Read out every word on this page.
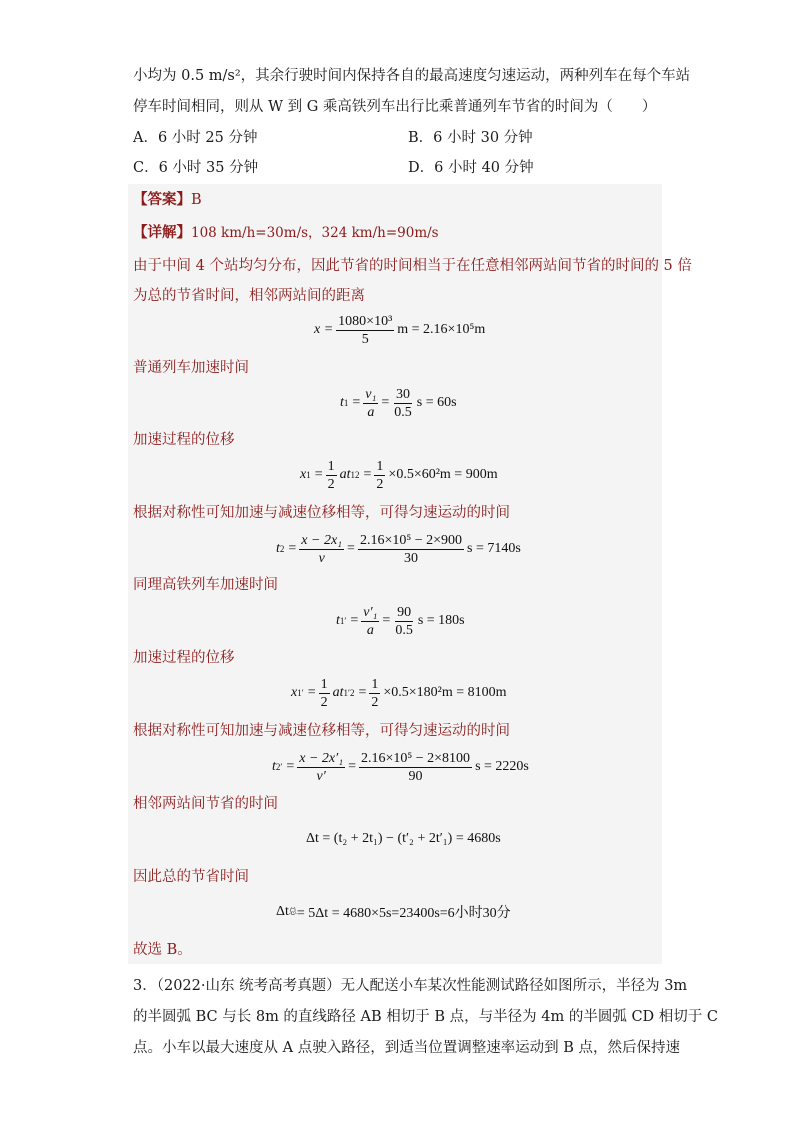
小均为 0.5 m/s²，其余行驶时间内保持各自的最高速度匀速运动，两种列车在每个车站
停车时间相同，则从 W 到 G 乘高铁列车出行比乘普通列车节省的时间为（　　）
A．6 小时 25 分钟	B．6 小时 30 分钟
C．6 小时 35 分钟	D．6 小时 40 分钟
【答案】B
【详解】108 km/h=30m/s，324 km/h=90m/s
由于中间 4 个站均匀分布，因此节省的时间相当于在任意相邻两站间节省的时间的 5 倍
为总的节省时间，相邻两站间的距离
$x = \frac{\text{1080×10³}}{5}$ m = 2.16×10⁵m
普通列车加速时间
t $1 = \frac{\text{v₁}}{a} = \frac{30}{0.5}$ s = 60s
加速过程的位移
x $1 = \frac{1}{2}$ at 1 $2 = \frac{1}{2} \times 0.5\times 60^2m = 900m$
根据对称性可知加速与减速位移相等，可得匀速运动的时间
t $2 = \frac{\text{x − 2x₁}}{v} = \frac{\text{2.16×10⁵ − 2×900}}{30}$ s = 7140s
同理高铁列车加速时间
t 1 ′ = $\frac{\text{v′₁}}{a} = \frac{90}{0.5}$ s = 180s
加速过程的位移
x 1 ′ = $\frac{1}{2}$ at 1 $'2 = \frac{1}{2} \times 0.5\times 180^2m = 8100m$
根据对称性可知加速与减速位移相等，可得匀速运动的时间
t 2 ′ = $\frac{\text{x − 2x′₁}}{v'} = \frac{\text{2.16×10⁵ − 2×8100}}{90}$ s = 2220s
相邻两站间节省的时间
Δt = (t₂ + 2t₁) − (t′₂ + 2t′₁) = 4680s
因此总的节省时间
Δt 总 = 5Δt = 4680×5s=23400s=6小时30分
故选 B。
3．（2022·山东 统考高考真题）无人配送小车某次性能测试路径如图所示，半径为 3m
的半圆弧 BC 与长 8m 的直线路径 AB 相切于 B 点，与半径为 4m 的半圆弧 CD 相切于 C
点。小车以最大速度从 A 点驶入路径，到适当位置调整速率运动到 B 点，然后保持速
